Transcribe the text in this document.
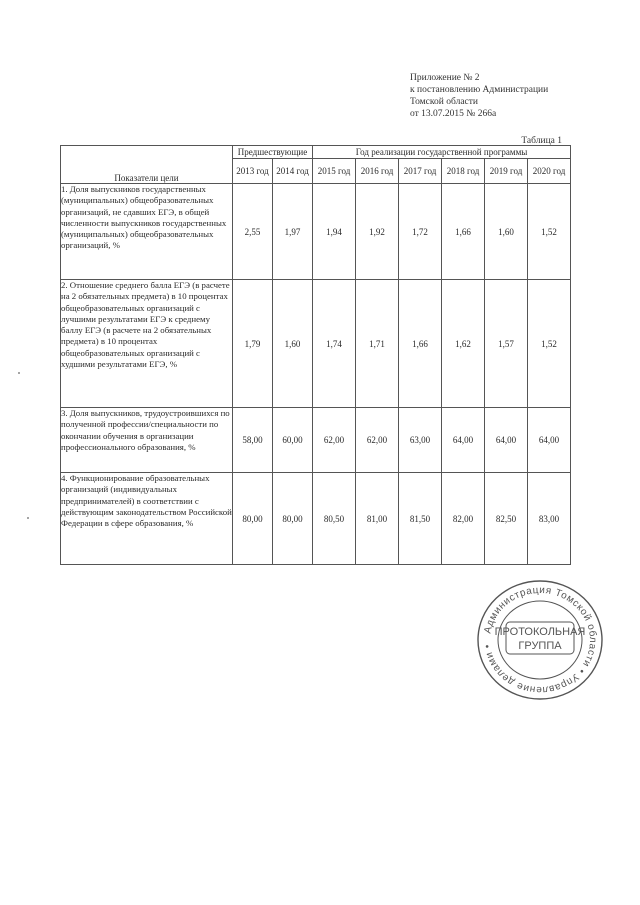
Приложение № 2
к постановлению Администрации
Томской области
от 13.07.2015 № 266а
Таблица 1
Показатели цели	Предшествующие		Год реализации государственной программы					
	2013 год	2014 год	2015 год	2016 год	2017 год	2018 год	2019 год	2020 год
1. Доля выпускников государственных (муниципальных) общеобразовательных организаций, не сдавших ЕГЭ, в общей численности выпускников государственных (муниципальных) общеобразовательных организаций, %	2,55	1,97	1,94	1,92	1,72	1,66	1,60	1,52
2. Отношение среднего балла ЕГЭ (в расчете на 2 обязательных предмета) в 10 процентах общеобразовательных организаций с лучшими результатами ЕГЭ к среднему баллу ЕГЭ (в расчете на 2 обязательных предмета) в 10 процентах общеобразовательных организаций с худшими результатами ЕГЭ, %	1,79	1,60	1,74	1,71	1,66	1,62	1,57	1,52
3. Доля выпускников, трудоустроившихся по полученной профессии/специальности по окончании обучения в организации профессионального образования, %	58,00	60,00	62,00	62,00	63,00	64,00	64,00	64,00
4. Функционирование образовательных организаций (индивидуальных предпринимателей) в соответствии с действующим законодательством Российской Федерации в сфере образования, %	80,00	80,00	80,50	81,00	81,50	82,00	82,50	83,00
Администрация Томской области • Управление делами •
ПРОТОКОЛЬНАЯ
ГРУППА
